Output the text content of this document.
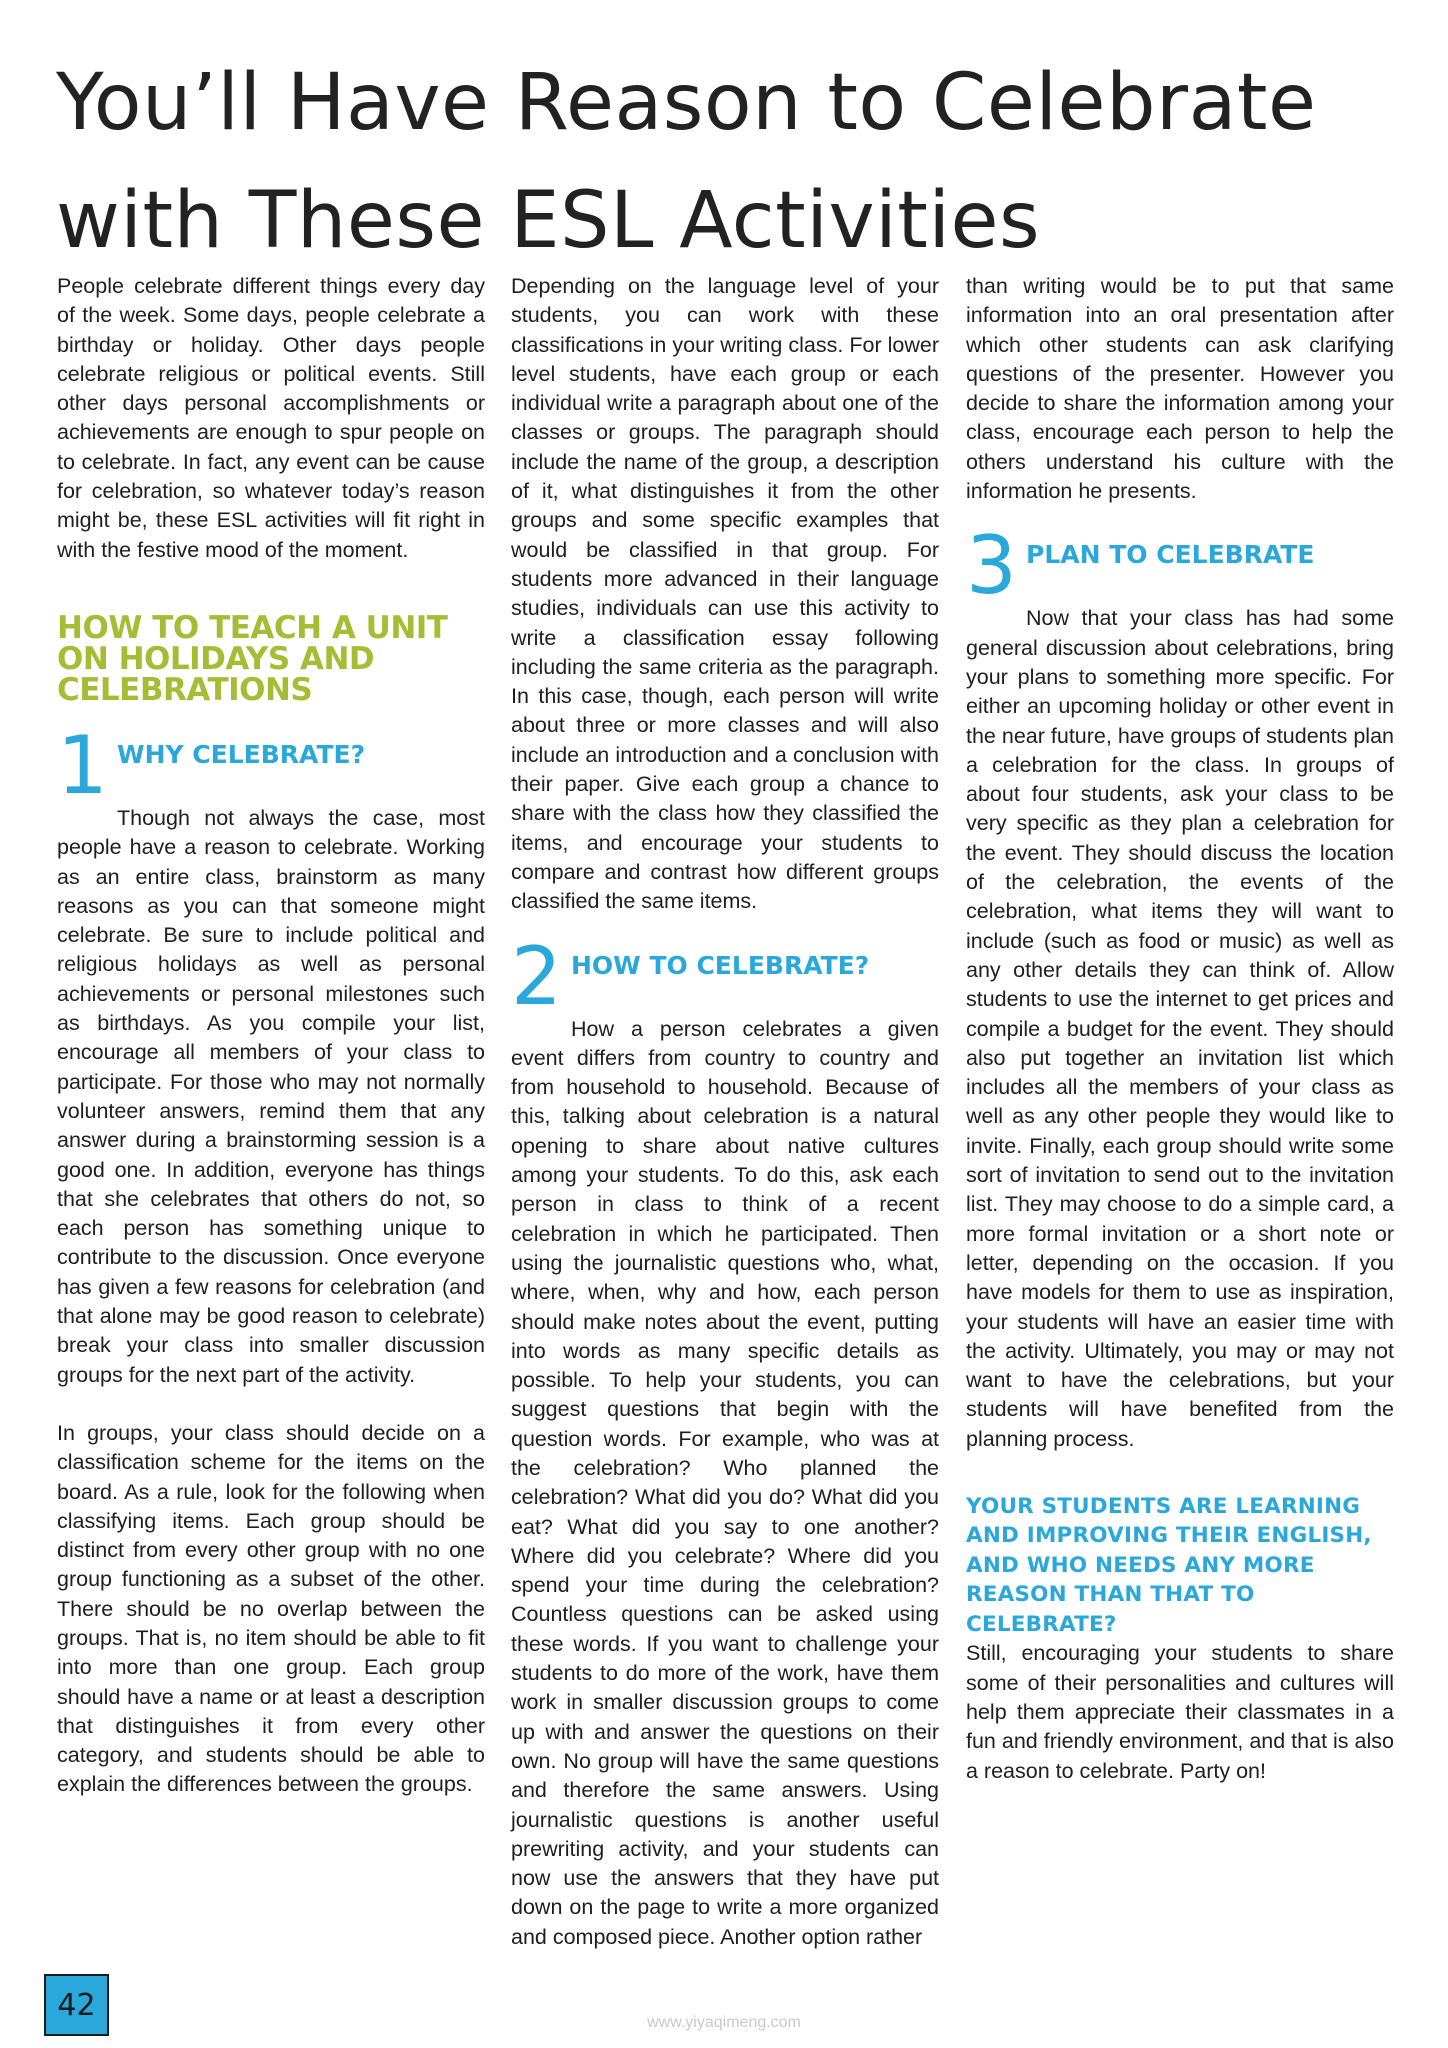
You’ll Have Reason to Celebrate
with These ESL Activities

People celebrate different things every day of the week. Some days, people celebrate a birthday or holiday. Other days people celebrate religious or political events. Still other days personal accomplishments or achievements are enough to spur people on to celebrate. In fact, any event can be cause for celebration, so whatever today’s reason might be, these ESL activities will fit right in with the festive mood of the moment.

HOW TO TEACH A UNIT ON HOLIDAYS AND CELEBRATIONS
1 WHY CELEBRATE?

Though not always the case, most people have a reason to celebrate. Working as an entire class, brainstorm as many reasons as you can that someone might celebrate. Be sure to include political and religious holidays as well as personal achievements or personal milestones such as birthdays. As you compile your list, encourage all members of your class to participate. For those who may not normally volunteer answers, remind them that any answer during a brainstorming session is a good one. In addition, everyone has things that she celebrates that others do not, so each person has something unique to contribute to the discussion. Once everyone has given a few reasons for celebration (and that alone may be good reason to celebrate) break your class into smaller discussion groups for the next part of the activity.

In groups, your class should decide on a classification scheme for the items on the board. As a rule, look for the following when classifying items. Each group should be distinct from every other group with no one group functioning as a subset of the other. There should be no overlap between the groups. That is, no item should be able to fit into more than one group. Each group should have a name or at least a description that distinguishes it from every other category, and students should be able to explain the differences between the groups.

Depending on the language level of your students, you can work with these classifications in your writing class. For lower level students, have each group or each individual write a paragraph about one of the classes or groups. The paragraph should include the name of the group, a description of it, what distinguishes it from the other groups and some specific examples that would be classified in that group. For students more advanced in their language studies, individuals can use this activity to write a classification essay following including the same criteria as the paragraph. In this case, though, each person will write about three or more classes and will also include an introduction and a conclusion with their paper. Give each group a chance to share with the class how they classified the items, and encourage your students to compare and contrast how different groups classified the same items.

2 HOW TO CELEBRATE?

How a person celebrates a given event differs from country to country and from household to household. Because of this, talking about celebration is a natural opening to share about native cultures among your students. To do this, ask each person in class to think of a recent celebration in which he participated. Then using the journalistic questions who, what, where, when, why and how, each person should make notes about the event, putting into words as many specific details as possible. To help your students, you can suggest questions that begin with the question words. For example, who was at the celebration? Who planned the celebration? What did you do? What did you eat? What did you say to one another? Where did you celebrate? Where did you spend your time during the celebration? Countless questions can be asked using these words. If you want to challenge your students to do more of the work, have them work in smaller discussion groups to come up with and answer the questions on their own. No group will have the same questions and therefore the same answers. Using journalistic questions is another useful prewriting activity, and your students can now use the answers that they have put down on the page to write a more organized and composed piece. Another option rather

than writing would be to put that same information into an oral presentation after which other students can ask clarifying questions of the presenter. However you decide to share the information among your class, encourage each person to help the others understand his culture with the information he presents.

3 PLAN TO CELEBRATE

Now that your class has had some general discussion about celebrations, bring your plans to something more specific. For either an upcoming holiday or other event in the near future, have groups of students plan a celebration for the class. In groups of about four students, ask your class to be very specific as they plan a celebration for the event. They should discuss the location of the celebration, the events of the celebration, what items they will want to include (such as food or music) as well as any other details they can think of. Allow students to use the internet to get prices and compile a budget for the event. They should also put together an invitation list which includes all the members of your class as well as any other people they would like to invite. Finally, each group should write some sort of invitation to send out to the invitation list. They may choose to do a simple card, a more formal invitation or a short note or letter, depending on the occasion. If you have models for them to use as inspiration, your students will have an easier time with the activity. Ultimately, you may or may not want to have the celebrations, but your students will have benefited from the planning process.

YOUR STUDENTS ARE LEARNING AND IMPROVING THEIR ENGLISH, AND WHO NEEDS ANY MORE REASON THAN THAT TO CELEBRATE?

Still, encouraging your students to share some of their personalities and cultures will help them appreciate their classmates in a fun and friendly environment, and that is also a reason to celebrate. Party on!

42	www.yiyaqimeng.com
